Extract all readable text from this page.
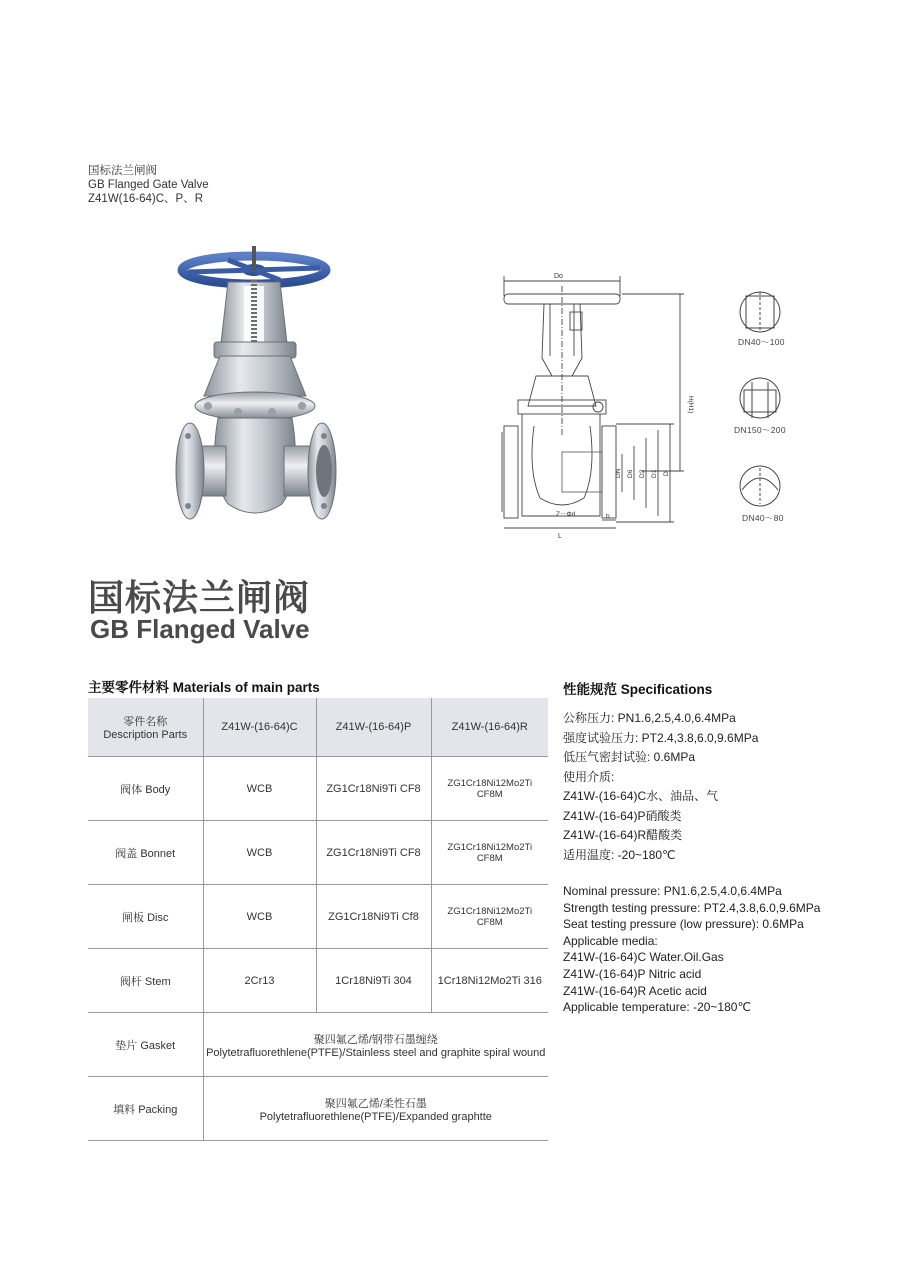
国标法兰闸阀
GB Flanged Gate Valve
Z41W(16-64)C、P、R
Do
H(H1)
DN D6 D2 D1 D
Z－Φd
L
b
DN40～100
DN150～200
DN40～80
国标法兰闸阀
GB Flanged Valve
主要零件材料 Materials of main parts
零件名称
Description Parts	Z41W-(16-64)C	Z41W-(16-64)P	Z41W-(16-64)R
阀体 Body	WCB	ZG1Cr18Ni9Ti CF8	ZG1Cr18Ni12Mo2Ti CF8M
阀盖 Bonnet	WCB	ZG1Cr18Ni9Ti CF8	ZG1Cr18Ni12Mo2Ti CF8M
闸板 Disc	WCB	ZG1Cr18Ni9Ti Cf8	ZG1Cr18Ni12Mo2Ti CF8M
阀杆 Stem	2Cr13	1Cr18Ni9Ti 304	1Cr18Ni12Mo2Ti 316
垫片 Gasket	聚四氟乙烯/钢带石墨缠绕
Polytetrafluorethlene(PTFE)/Stainless steel and graphite spiral wound		

填料 Packing	聚四氟乙烯/柔性石墨
Polytetrafluorethlene(PTFE)/Expanded graphtte		
性能规范 Specifications
公称压力: PN1.6,2.5,4.0,6.4MPa
强度试验压力: PT2.4,3.8,6.0,9.6MPa
低压气密封试验: 0.6MPa
使用介质:
Z41W-(16-64)C水、油品、气
Z41W-(16-64)P硝酸类
Z41W-(16-64)R醋酸类
适用温度: -20~180℃
Nominal pressure: PN1.6,2.5,4.0,6.4MPa
Strength testing pressure: PT2.4,3.8,6.0,9.6MPa
Seat testing pressure (low pressure): 0.6MPa
Applicable media:
Z41W-(16-64)C Water.Oil.Gas
Z41W-(16-64)P Nitric acid
Z41W-(16-64)R Acetic acid
Applicable temperature: -20~180℃
